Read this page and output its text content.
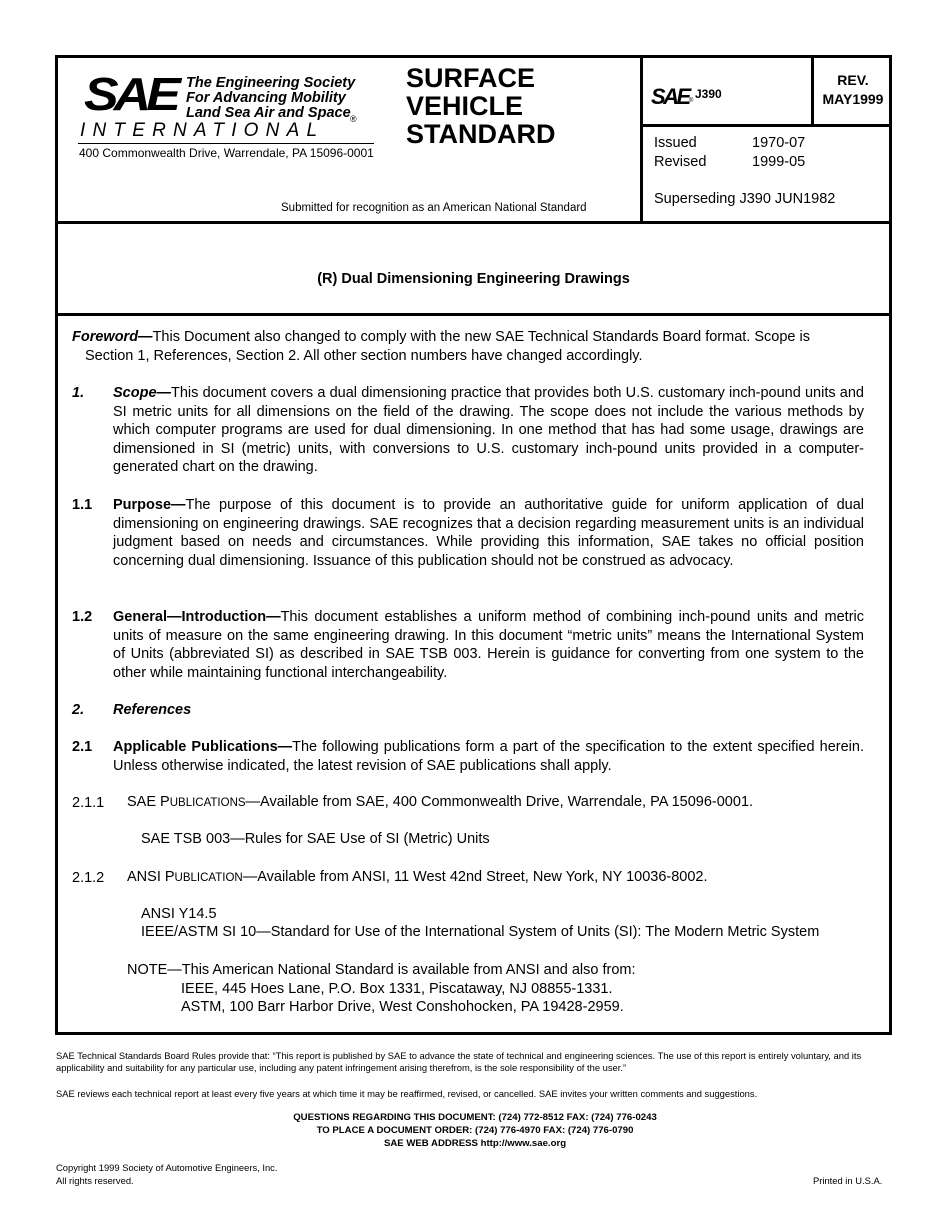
SAE The Engineering Society
For Advancing Mobility
Land Sea Air and Space ®
INTERNATIONAL
400 Commonwealth Drive, Warrendale, PA 15096-0001
SURFACE
VEHICLE
STANDARD
Submitted for recognition as an American National Standard
SAE ® J390
REV.
MAY1999
Issued	1970-07
Revised	1999-05
Superseding J390 JUN1982
(R) Dual Dimensioning Engineering Drawings
Foreword—This Document also changed to comply with the new SAE Technical Standards Board format. Scope is
Section 1, References, Section 2. All other section numbers have changed accordingly.
1. Scope—This document covers a dual dimensioning practice that provides both U.S. customary inch-pound units and SI metric units for all dimensions on the field of the drawing. The scope does not include the various methods by which computer programs are used for dual dimensioning. In one method that has had some usage, drawings are dimensioned in SI (metric) units, with conversions to U.S. customary inch-pound units provided in a computer-generated chart on the drawing.
1.1 Purpose—The purpose of this document is to provide an authoritative guide for uniform application of dual dimensioning on engineering drawings. SAE recognizes that a decision regarding measurement units is an individual judgment based on needs and circumstances. While providing this information, SAE takes no official position concerning dual dimensioning. Issuance of this publication should not be construed as advocacy.
1.2 General—Introduction—This document establishes a uniform method of combining inch-pound units and metric units of measure on the same engineering drawing. In this document “metric units” means the International System of Units (abbreviated SI) as described in SAE TSB 003. Herein is guidance for converting from one system to the other while maintaining functional interchangeability.
2. References
2.1 Applicable Publications—The following publications form a part of the specification to the extent specified herein. Unless otherwise indicated, the latest revision of SAE publications shall apply.
2.1.1 SAE PUBLICATIONS—Available from SAE, 400 Commonwealth Drive, Warrendale, PA 15096-0001.
SAE TSB 003—Rules for SAE Use of SI (Metric) Units
2.1.2 ANSI PUBLICATION—Available from ANSI, 11 West 42nd Street, New York, NY 10036-8002.
ANSI Y14.5
IEEE/ASTM SI 10—Standard for Use of the International System of Units (SI): The Modern Metric System
NOTE—This American National Standard is available from ANSI and also from:
IEEE, 445 Hoes Lane, P.O. Box 1331, Piscataway, NJ 08855-1331.
ASTM, 100 Barr Harbor Drive, West Conshohocken, PA 19428-2959.
SAE Technical Standards Board Rules provide that: “This report is published by SAE to advance the state of technical and engineering sciences. The use of this report is entirely voluntary, and its applicability and suitability for any particular use, including any patent infringement arising therefrom, is the sole responsibility of the user.”
SAE reviews each technical report at least every five years at which time it may be reaffirmed, revised, or cancelled. SAE invites your written comments and suggestions.
QUESTIONS REGARDING THIS DOCUMENT: (724) 772-8512 FAX: (724) 776-0243
TO PLACE A DOCUMENT ORDER: (724) 776-4970 FAX: (724) 776-0790
SAE WEB ADDRESS http://www.sae.org
Copyright 1999 Society of Automotive Engineers, Inc.
All rights reserved.	Printed in U.S.A.
